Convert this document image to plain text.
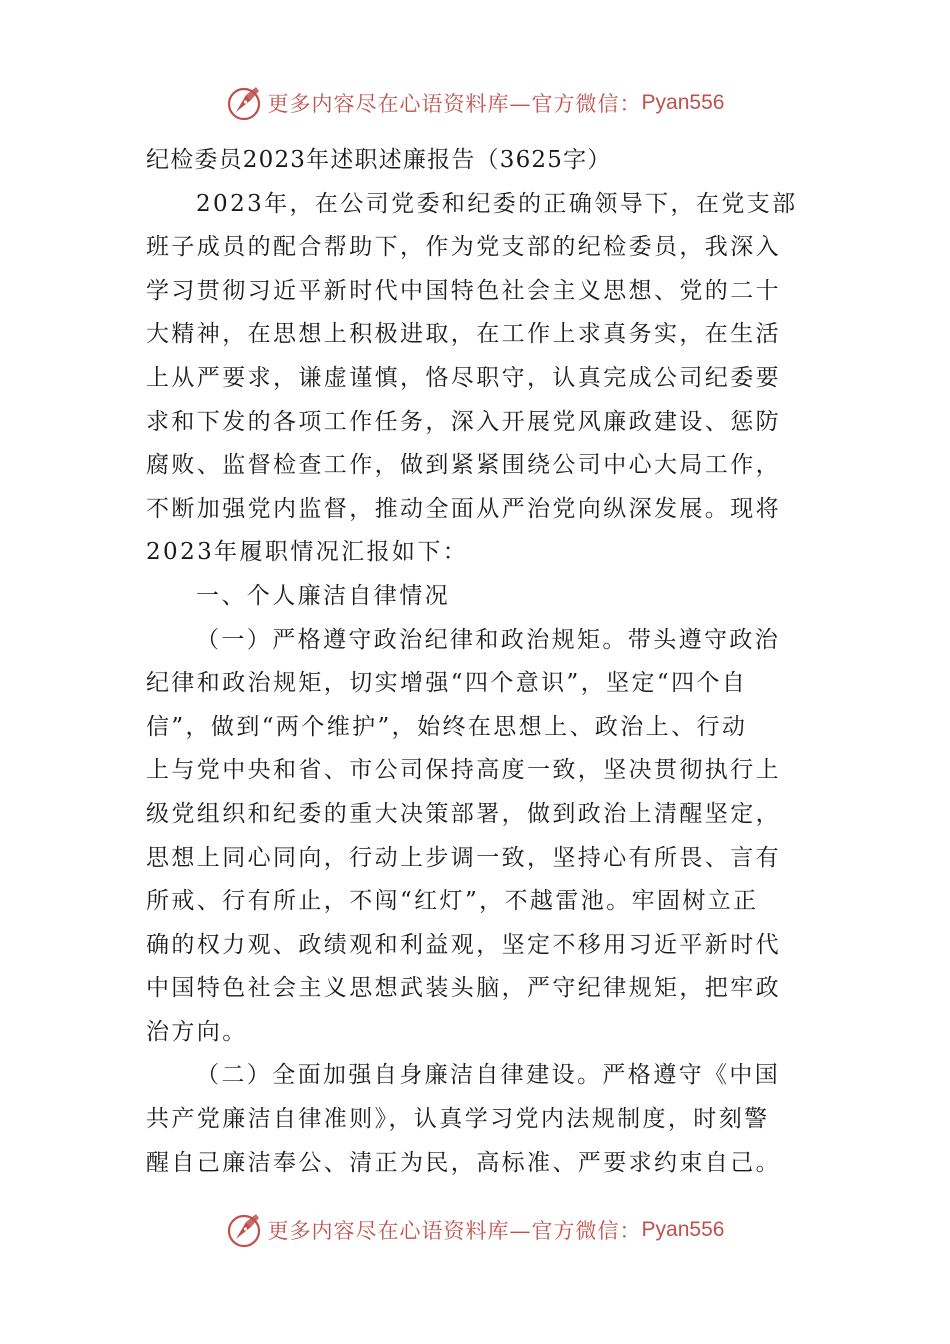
更多内容尽在心语资料库—官方微信： Pyan556
纪检委员2023年述职述廉报告（3625字）
2023年，在公司党委和纪委的正确领导下，在党支部
班子成员的配合帮助下，作为党支部的纪检委员，我深入
学习贯彻习近平新时代中国特色社会主义思想、党的二十
大精神，在思想上积极进取，在工作上求真务实，在生活
上从严要求，谦虚谨慎，恪尽职守，认真完成公司纪委要
求和下发的各项工作任务，深入开展党风廉政建设、惩防
腐败、监督检查工作，做到紧紧围绕公司中心大局工作，
不断加强党内监督，推动全面从严治党向纵深发展。现将
2023年履职情况汇报如下：
一、个人廉洁自律情况
（一）严格遵守政治纪律和政治规矩。带头遵守政治
纪律和政治规矩，切实增强“四个意识”，坚定“四个自
信”，做到“两个维护”，始终在思想上、政治上、行动
上与党中央和省、市公司保持高度一致，坚决贯彻执行上
级党组织和纪委的重大决策部署，做到政治上清醒坚定，
思想上同心同向，行动上步调一致，坚持心有所畏、言有
所戒、行有所止，不闯“红灯”，不越雷池。牢固树立正
确的权力观、政绩观和利益观，坚定不移用习近平新时代
中国特色社会主义思想武装头脑，严守纪律规矩，把牢政
治方向。
（二）全面加强自身廉洁自律建设。严格遵守《中国
共产党廉洁自律准则》，认真学习党内法规制度，时刻警
醒自己廉洁奉公、清正为民，高标准、严要求约束自己。
更多内容尽在心语资料库—官方微信： Pyan556
